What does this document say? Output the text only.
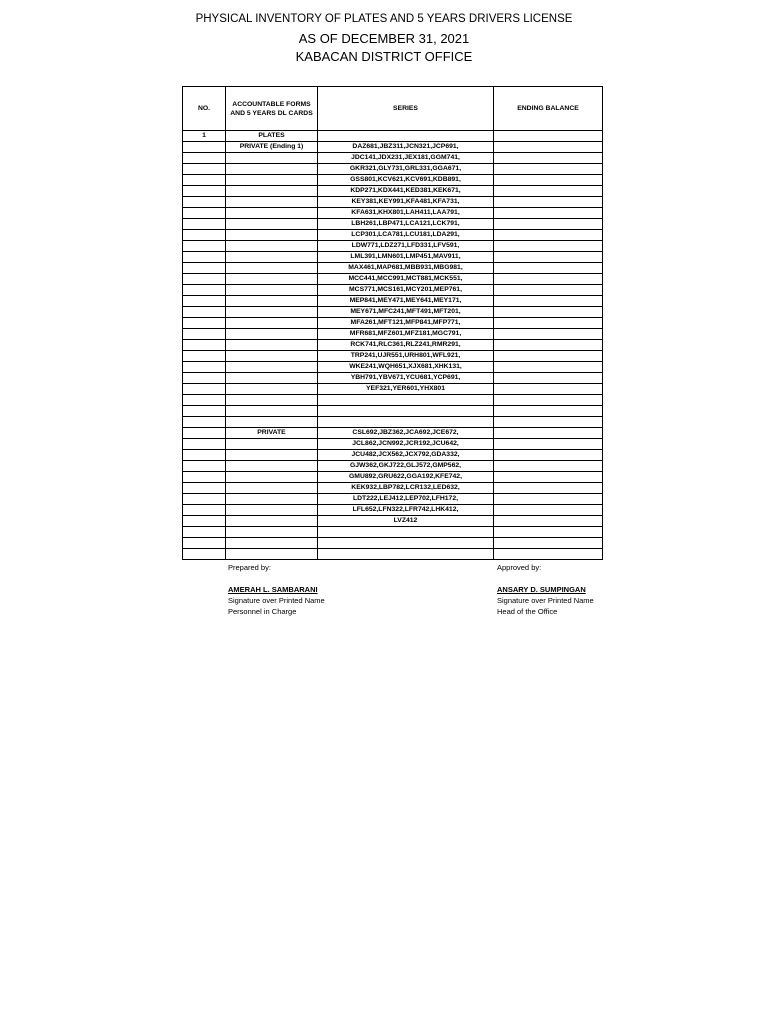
PHYSICAL INVENTORY OF PLATES AND 5 YEARS DRIVERS LICENSE
AS OF DECEMBER 31, 2021
KABACAN DISTRICT OFFICE
NO.	ACCOUNTABLE FORMS AND 5 YEARS DL CARDS	SERIES	ENDING BALANCE
1	PLATES		
	PRIVATE (Ending 1)	DAZ681,JBZ311,JCN321,JCP691,	
		JDC141,JDX231,JEX181,GGM741,	
		GKR321,GLY731,GRL331,GGA671,	
		GSS801,KCV621,KCV691,KDB891,	
		KDP271,KDX441,KED381,KEK671,	
		KEY381,KEY991,KFA481,KFA731,	
		KFA631,KHX801,LAH411,LAA791,	
		LBH261,LBP471,LCA121,LCK791,	
		LCP301,LCA781,LCU181,LDA291,	
		LDW771,LDZ271,LFD331,LFV591,	
		LML391,LMN601,LMP451,MAV911,	
		MAX461,MAP681,MBB931,MBG981,	
		MCC441,MCC991,MCT881,MCK551,	
		MCS771,MCS161,MCY201,MEP761,	
		MEP841,MEY471,MEY641,MEY171,	
		MEY671,MFC241,MFT491,MFT201,	
		MFA261,MFT121,MFP841,MFP771,	
		MFR681,MFZ601,MFZ181,MGC791,	
		RCK741,RLC361,RLZ241,RMR291,	
		TRP241,UJR551,URH801,WFL921,	
		WKE241,WQH651,XJX681,XHK131,	
		YBH791,YBV671,YCU681,YCP691,	
		YEF321,YER601,YHX801	

	PRIVATE	CSL692,JBZ362,JCA692,JCE672,	
		JCL862,JCN992,JCR192,JCU642,	
		JCU482,JCX562,JCX792,GDA332,	
		GJW362,GKJ722,GLJ572,GMP562,	
		GMU892,GRU622,GGA192,KFE742,	
		KEK932,LBP782,LCR132,LED632,	
		LDT222,LEJ412,LEP702,LFH172,	
		LFL652,LFN322,LFR742,LHK412,	
		LVZ412	

Prepared by:
AMERAH L. SAMBARANI
Signature over Printed Name
Personnel in Charge
Approved by:
ANSARY D. SUMPINGAN
Signature over Printed Name
Head of the Office
